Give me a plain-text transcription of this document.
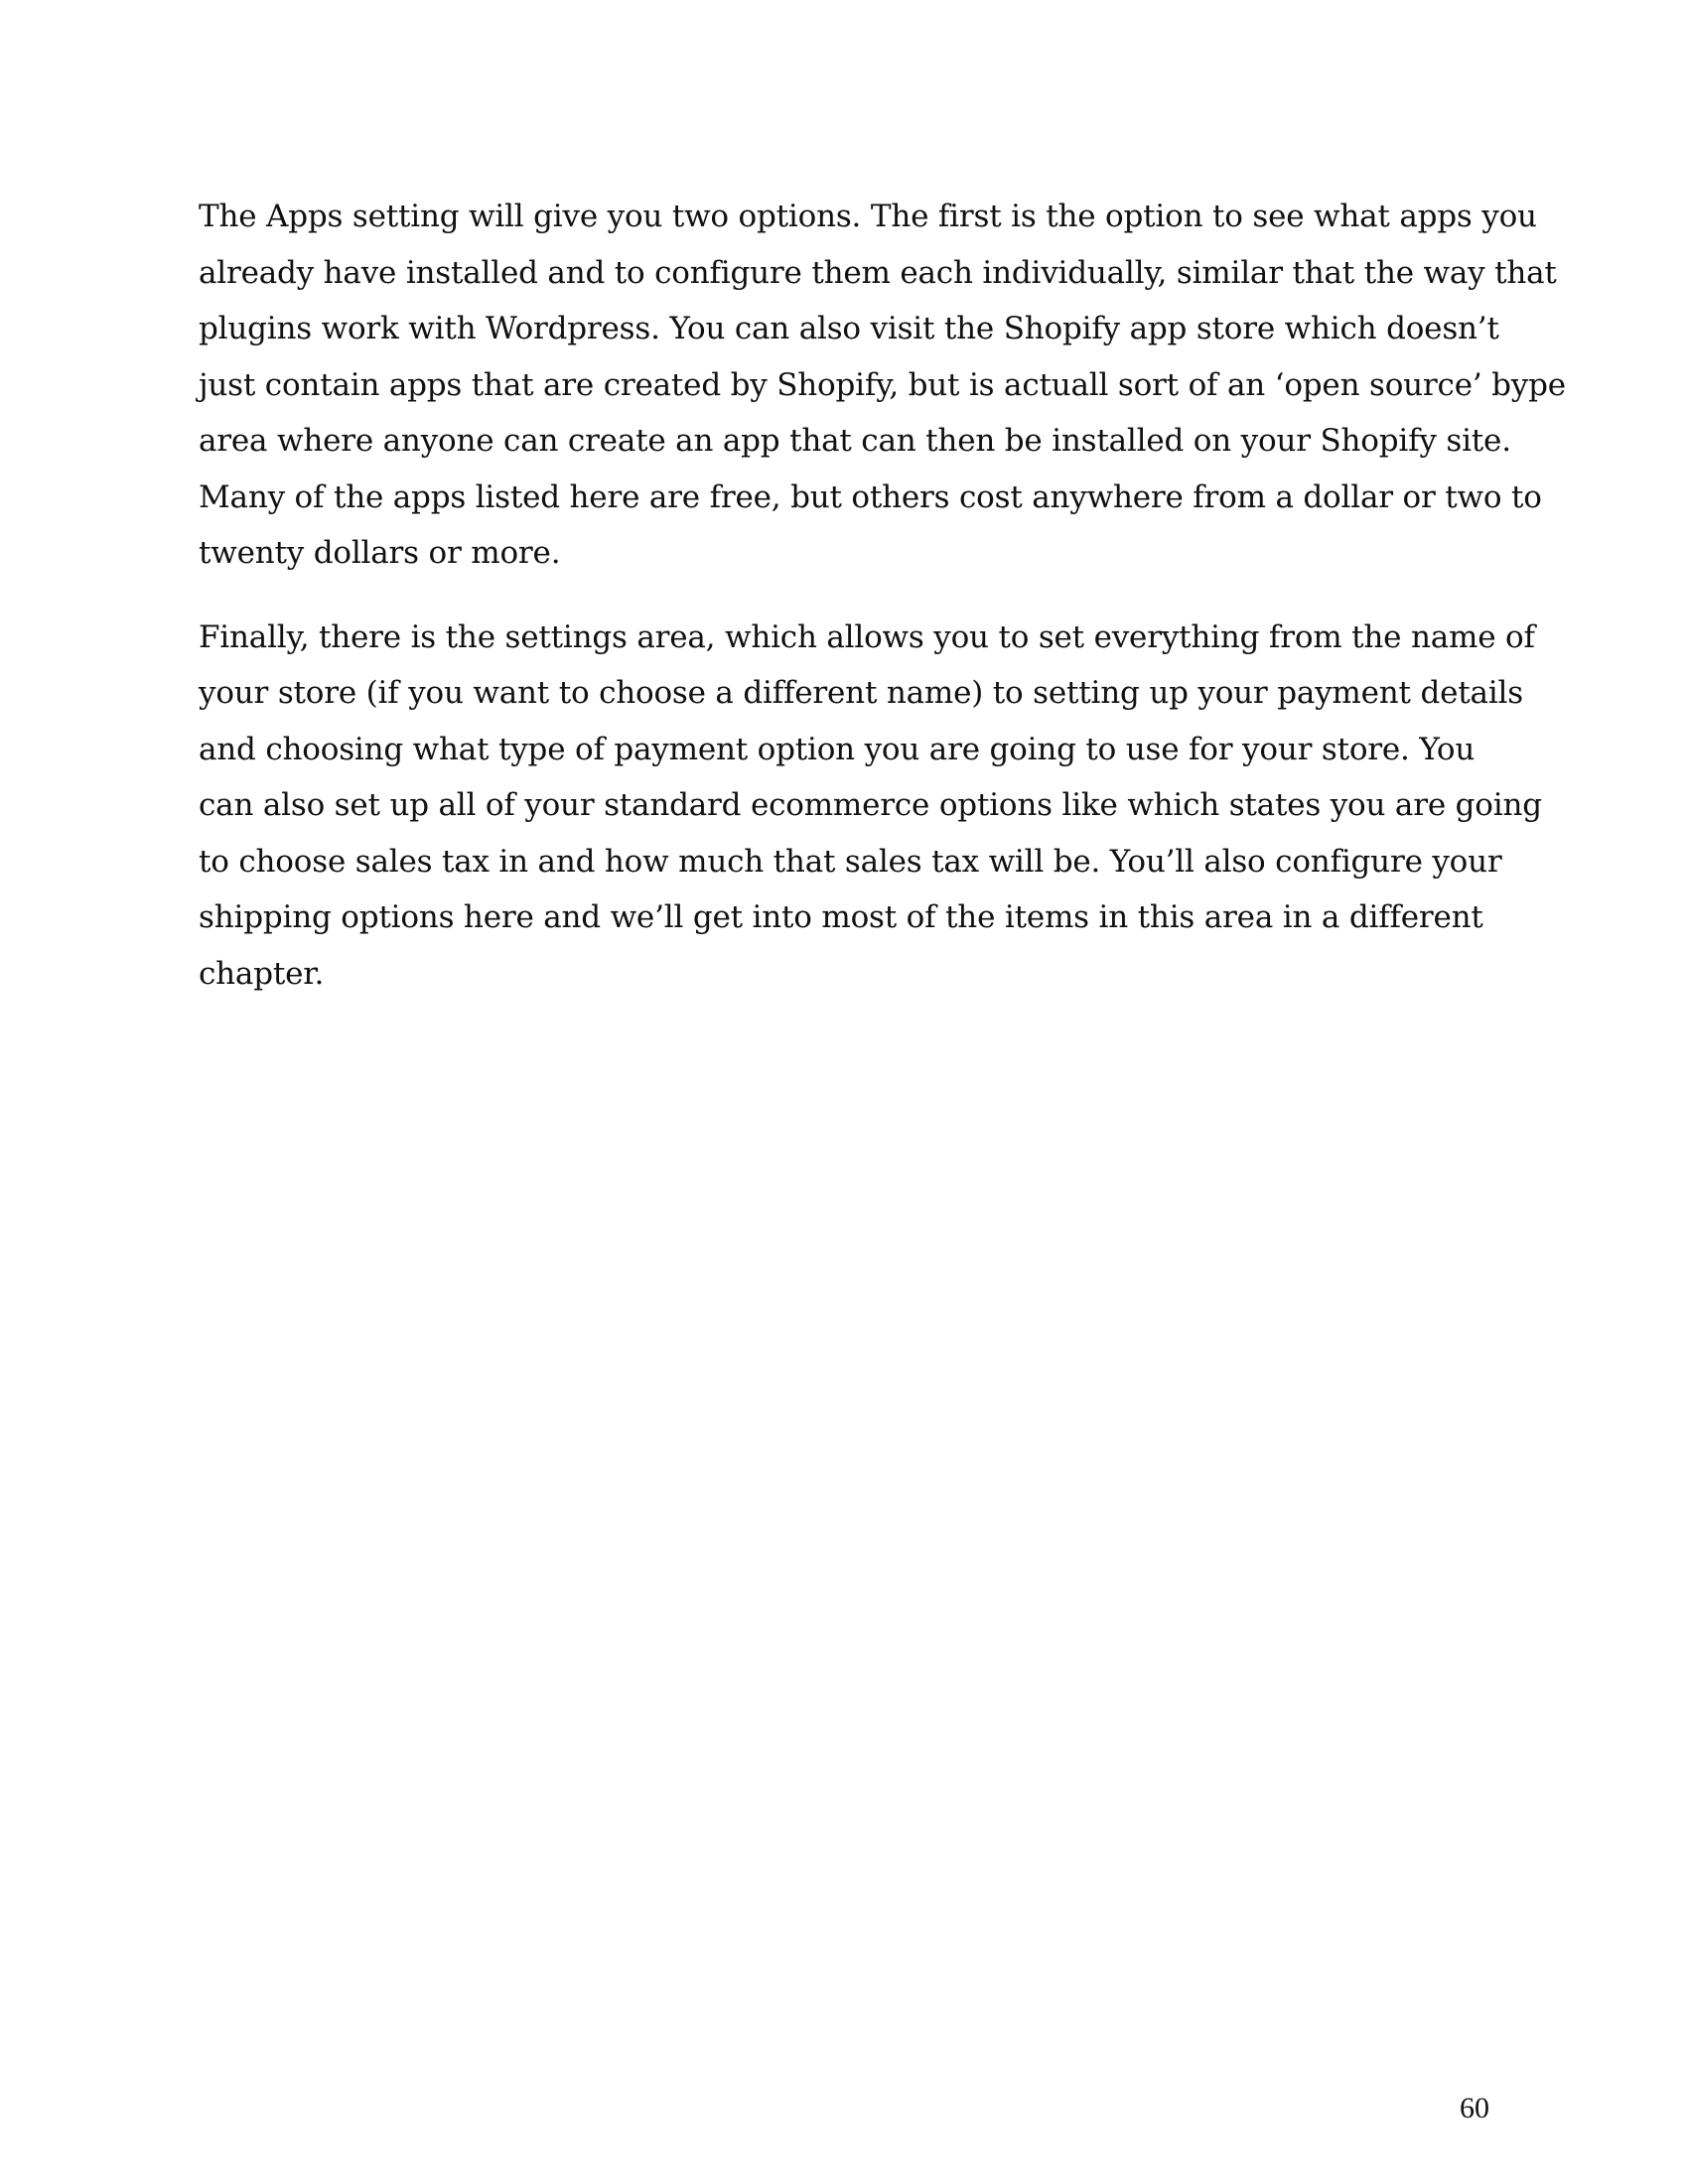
The Apps setting will give you two options. The first is the option to see what apps you
already have installed and to configure them each individually, similar that the way that
plugins work with Wordpress. You can also visit the Shopify app store which doesn’t
just contain apps that are created by Shopify, but is actuall sort of an ‘open source’ bype
area where anyone can create an app that can then be installed on your Shopify site.
Many of the apps listed here are free, but others cost anywhere from a dollar or two to
twenty dollars or more.

Finally, there is the settings area, which allows you to set everything from the name of
your store (if you want to choose a different name) to setting up your payment details
and choosing what type of payment option you are going to use for your store. You
can also set up all of your standard ecommerce options like which states you are going
to choose sales tax in and how much that sales tax will be. You’ll also configure your
shipping options here and we’ll get into most of the items in this area in a different
chapter.

60
